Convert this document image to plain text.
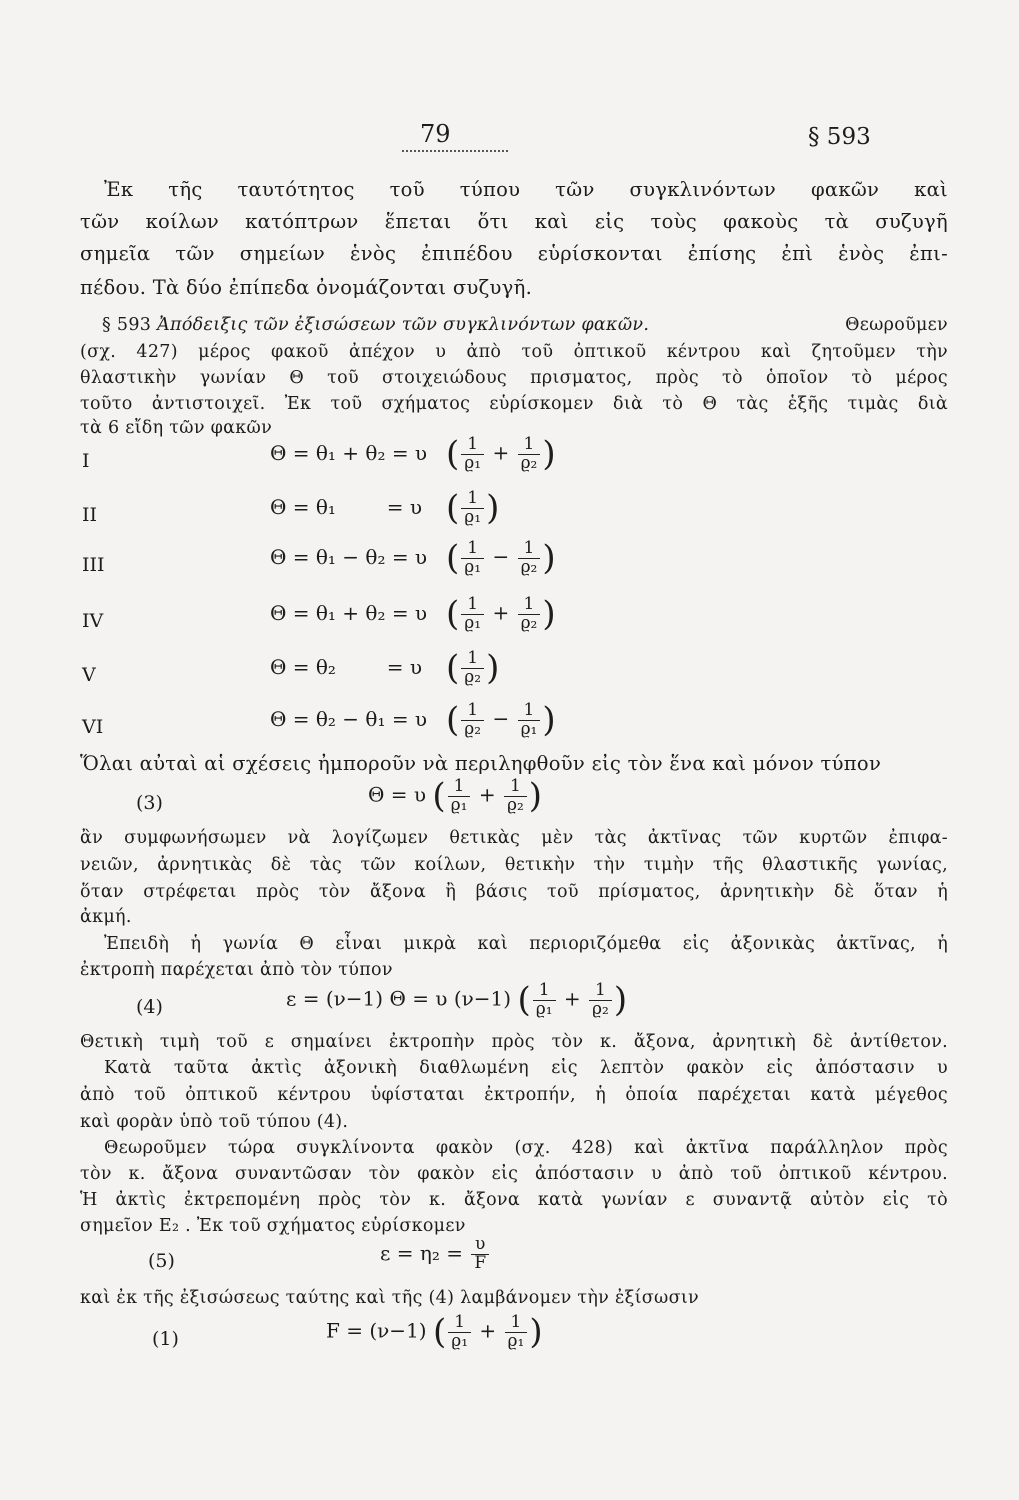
79	§ 593
Ἐκ τῆς ταυτότητος τοῦ τύπου τῶν συγκλινόντων φακῶν καὶ
τῶν κοίλων κατόπτρων ἕπεται ὅτι καὶ εἰς τοὺς φακοὺς τὰ συζυγῆ
σημεῖα τῶν σημείων ἑνὸς ἐπιπέδου εὑρίσκονται ἐπίσης ἐπὶ ἑνὸς ἐπι-
πέδου. Τὰ δύο ἐπίπεδα ὀνομάζονται συζυγῆ.
§ 593 Ἀπόδειξις τῶν ἐξισώσεων τῶν συγκλινόντων φακῶν.	Θεωροῦμεν
(σχ. 427) μέρος φακοῦ ἀπέχον υ ἀπὸ τοῦ ὀπτικοῦ κέντρου καὶ ζητοῦμεν τὴν
θλαστικὴν γωνίαν Θ τοῦ στοιχειώδους πρισματος, πρὸς τὸ ὁποῖον τὸ μέρος
τοῦτο ἀντιστοιχεῖ. Ἐκ τοῦ σχήματος εὑρίσκομεν διὰ τὸ Θ τὰς ἑξῆς τιμὰς διὰ
τὰ 6 εἴδη τῶν φακῶν
I	Θ = θ₁ + θ₂ = υ ( $\frac{1}{\text{ϱ₁}} + \frac{1}{\text{ϱ₂}}$ )
II	Θ = θ₁        = υ ( $\frac{1}{\text{ϱ₁}}$ )
III	Θ = θ₁ − θ₂ = υ ( $\frac{1}{\text{ϱ₁}} - \frac{1}{\text{ϱ₂}}$ )
IV	Θ = θ₁ + θ₂ = υ ( $\frac{1}{\text{ϱ₁}} + \frac{1}{\text{ϱ₂}}$ )
V	Θ = θ₂        = υ ( $\frac{1}{\text{ϱ₂}}$ )
VI	Θ = θ₂ − θ₁ = υ ( $\frac{1}{\text{ϱ₂}} - \frac{1}{\text{ϱ₁}}$ )
Ὅλαι αὐταὶ αἱ σχέσεις ἠμποροῦν νὰ περιληφθοῦν εἰς τὸν ἕνα καὶ μόνον τύπον
(3)	Θ = υ ( $\frac{1}{\text{ϱ₁}} + \frac{1}{\text{ϱ₂}}$ )
ἂν συμφωνήσωμεν νὰ λογίζωμεν θετικὰς μὲν τὰς ἀκτῖνας τῶν κυρτῶν ἐπιφα-
νειῶν, ἀρνητικὰς δὲ τὰς τῶν κοίλων, θετικὴν τὴν τιμὴν τῆς θλαστικῆς γωνίας,
ὅταν στρέφεται πρὸς τὸν ἄξονα ἢ βάσις τοῦ πρίσματος, ἀρνητικὴν δὲ ὅταν ἡ
ἀκμή.
Ἐπειδὴ ἡ γωνία Θ εἶναι μικρὰ καὶ περιοριζόμεθα εἰς ἀξονικὰς ἀκτῖνας, ἡ
ἐκτροπὴ παρέχεται ἀπὸ τὸν τύπον
(4)	ε = (ν−1) Θ = υ (ν−1) ( $\frac{1}{\text{ϱ₁}} + \frac{1}{\text{ϱ₂}}$ )
Θετικὴ τιμὴ τοῦ ε σημαίνει ἐκτροπὴν πρὸς τὸν κ. ἄξονα, ἀρνητικὴ δὲ ἀντίθετον.
Κατὰ ταῦτα ἀκτὶς ἀξονικὴ διαθλωμένη εἰς λεπτὸν φακὸν εἰς ἀπόστασιν υ
ἀπὸ τοῦ ὀπτικοῦ κέντρου ὑφίσταται ἐκτροπήν, ἡ ὁποία παρέχεται κατὰ μέγεθος
καὶ φορὰν ὑπὸ τοῦ τύπου (4).
Θεωροῦμεν τώρα συγκλίνοντα φακὸν (σχ. 428) καὶ ἀκτῖνα παράλληλον πρὸς
τὸν κ. ἄξονα συναντῶσαν τὸν φακὸν εἰς ἀπόστασιν υ ἀπὸ τοῦ ὀπτικοῦ κέντρου.
Ἡ ἀκτὶς ἐκτρεπομένη πρὸς τὸν κ. ἄξονα κατὰ γωνίαν ε συναντᾷ αὐτὸν εἰς τὸ
σημεῖον E₂ . Ἐκ τοῦ σχήματος εὑρίσκομεν
(5)	$\varepsilon = \eta_2 = \frac{\upsilon}{F}$
καὶ ἐκ τῆς ἐξισώσεως ταύτης καὶ τῆς (4) λαμβάνομεν τὴν ἐξίσωσιν
(1)	F = (ν−1) ( $\frac{1}{\text{ϱ₁}} + \frac{1}{\text{ϱ₁}}$ )
